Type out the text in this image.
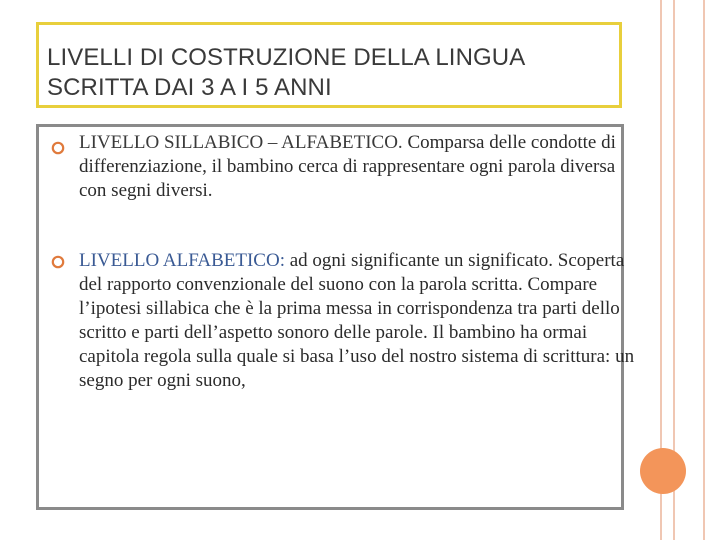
LIVELLI DI COSTRUZIONE DELLA LINGUA
SCRITTA DAI 3 A I 5 ANNI
LIVELLO SILLABICO – ALFABETICO. Comparsa delle condotte di differenziazione, il bambino cerca di rappresentare ogni parola diversa con segni diversi.
LIVELLO ALFABETICO: ad ogni significante un significato. Scoperta del rapporto convenzionale del suono con la parola scritta. Compare l’ipotesi sillabica che è la prima messa in corrispondenza tra parti dello scritto e parti dell’aspetto sonoro delle parole. Il bambino ha ormai capitola regola sulla quale si basa l’uso del nostro sistema di scrittura: un segno per ogni suono,
